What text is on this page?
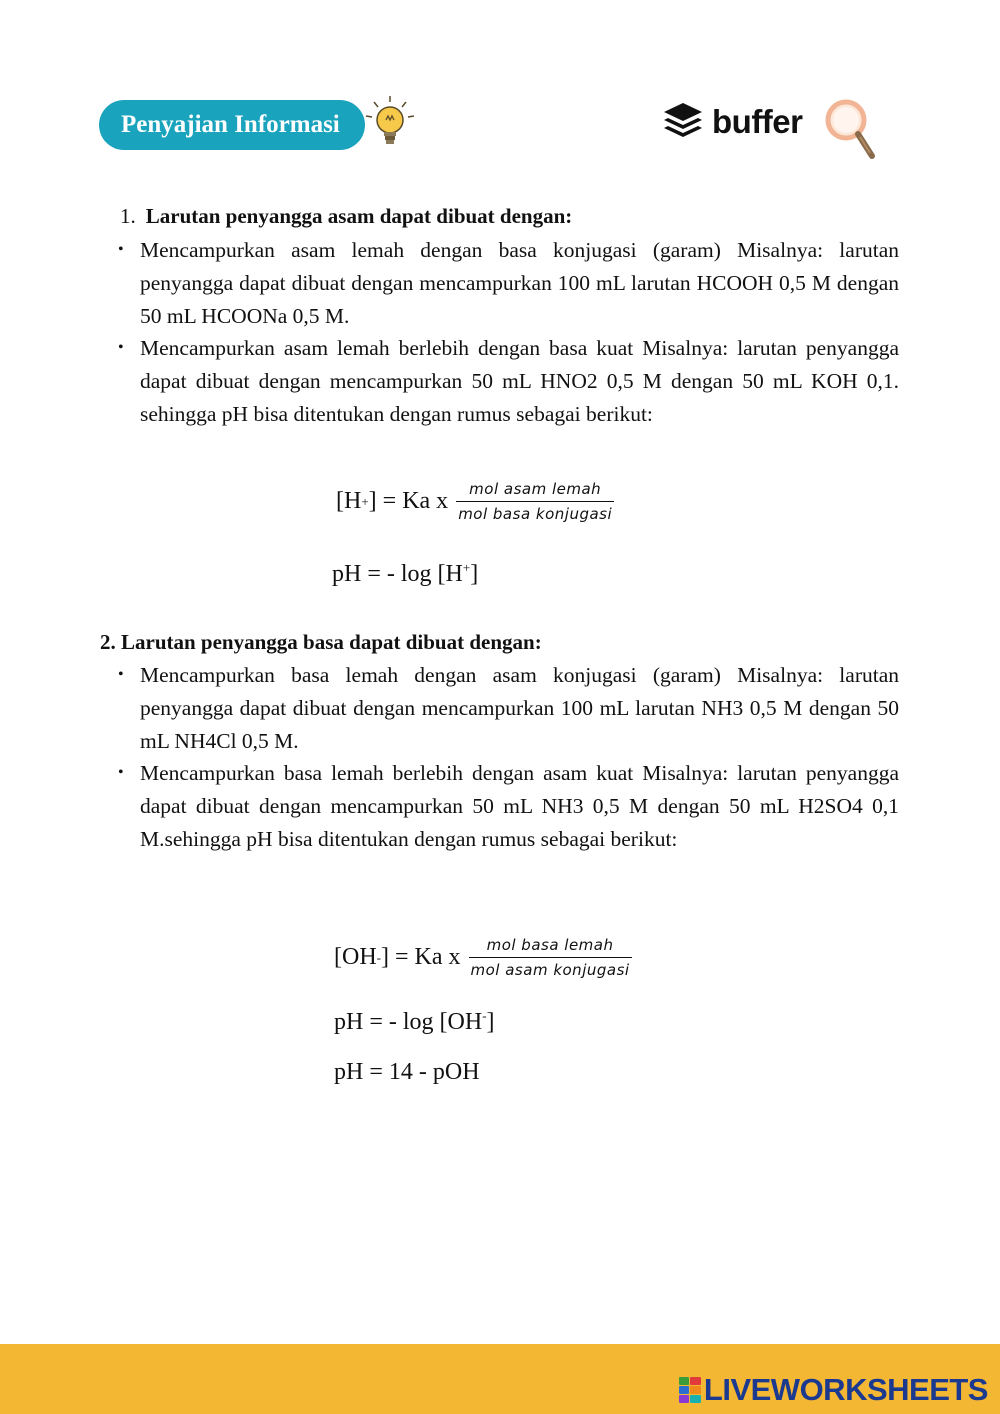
Penyajian Informasi	buffer
1. Larutan penyangga asam dapat dibuat dengan:
• Mencampurkan asam lemah dengan basa konjugasi (garam) Misalnya: larutan penyangga dapat dibuat dengan mencampurkan 100 mL larutan HCOOH 0,5 M dengan 50 mL HCOONa 0,5 M.
• Mencampurkan asam lemah berlebih dengan basa kuat Misalnya: larutan penyangga dapat dibuat dengan mencampurkan 50 mL HNO2 0,5 M dengan 50 mL KOH 0,1. sehingga pH bisa ditentukan dengan rumus sebagai berikut:
[H + ] = Ka x $\frac{\text{mol asam lemah}}{\text{mol basa konjugasi}}$
pH = - log [H+]
2. Larutan penyangga basa dapat dibuat dengan:
• Mencampurkan basa lemah dengan asam konjugasi (garam) Misalnya: larutan penyangga dapat dibuat dengan mencampurkan 100 mL larutan NH3 0,5 M dengan 50 mL NH4Cl 0,5 M.
• Mencampurkan basa lemah berlebih dengan asam kuat Misalnya: larutan penyangga dapat dibuat dengan mencampurkan 50 mL NH3 0,5 M dengan 50 mL H2SO4 0,1 M.sehingga pH bisa ditentukan dengan rumus sebagai berikut:
[OH - ] = Ka x $\frac{\text{mol basa lemah}}{\text{mol asam konjugasi}}$
pH = - log [OH-]
pH = 14 - pOH
LIVEWORKSHEETS
